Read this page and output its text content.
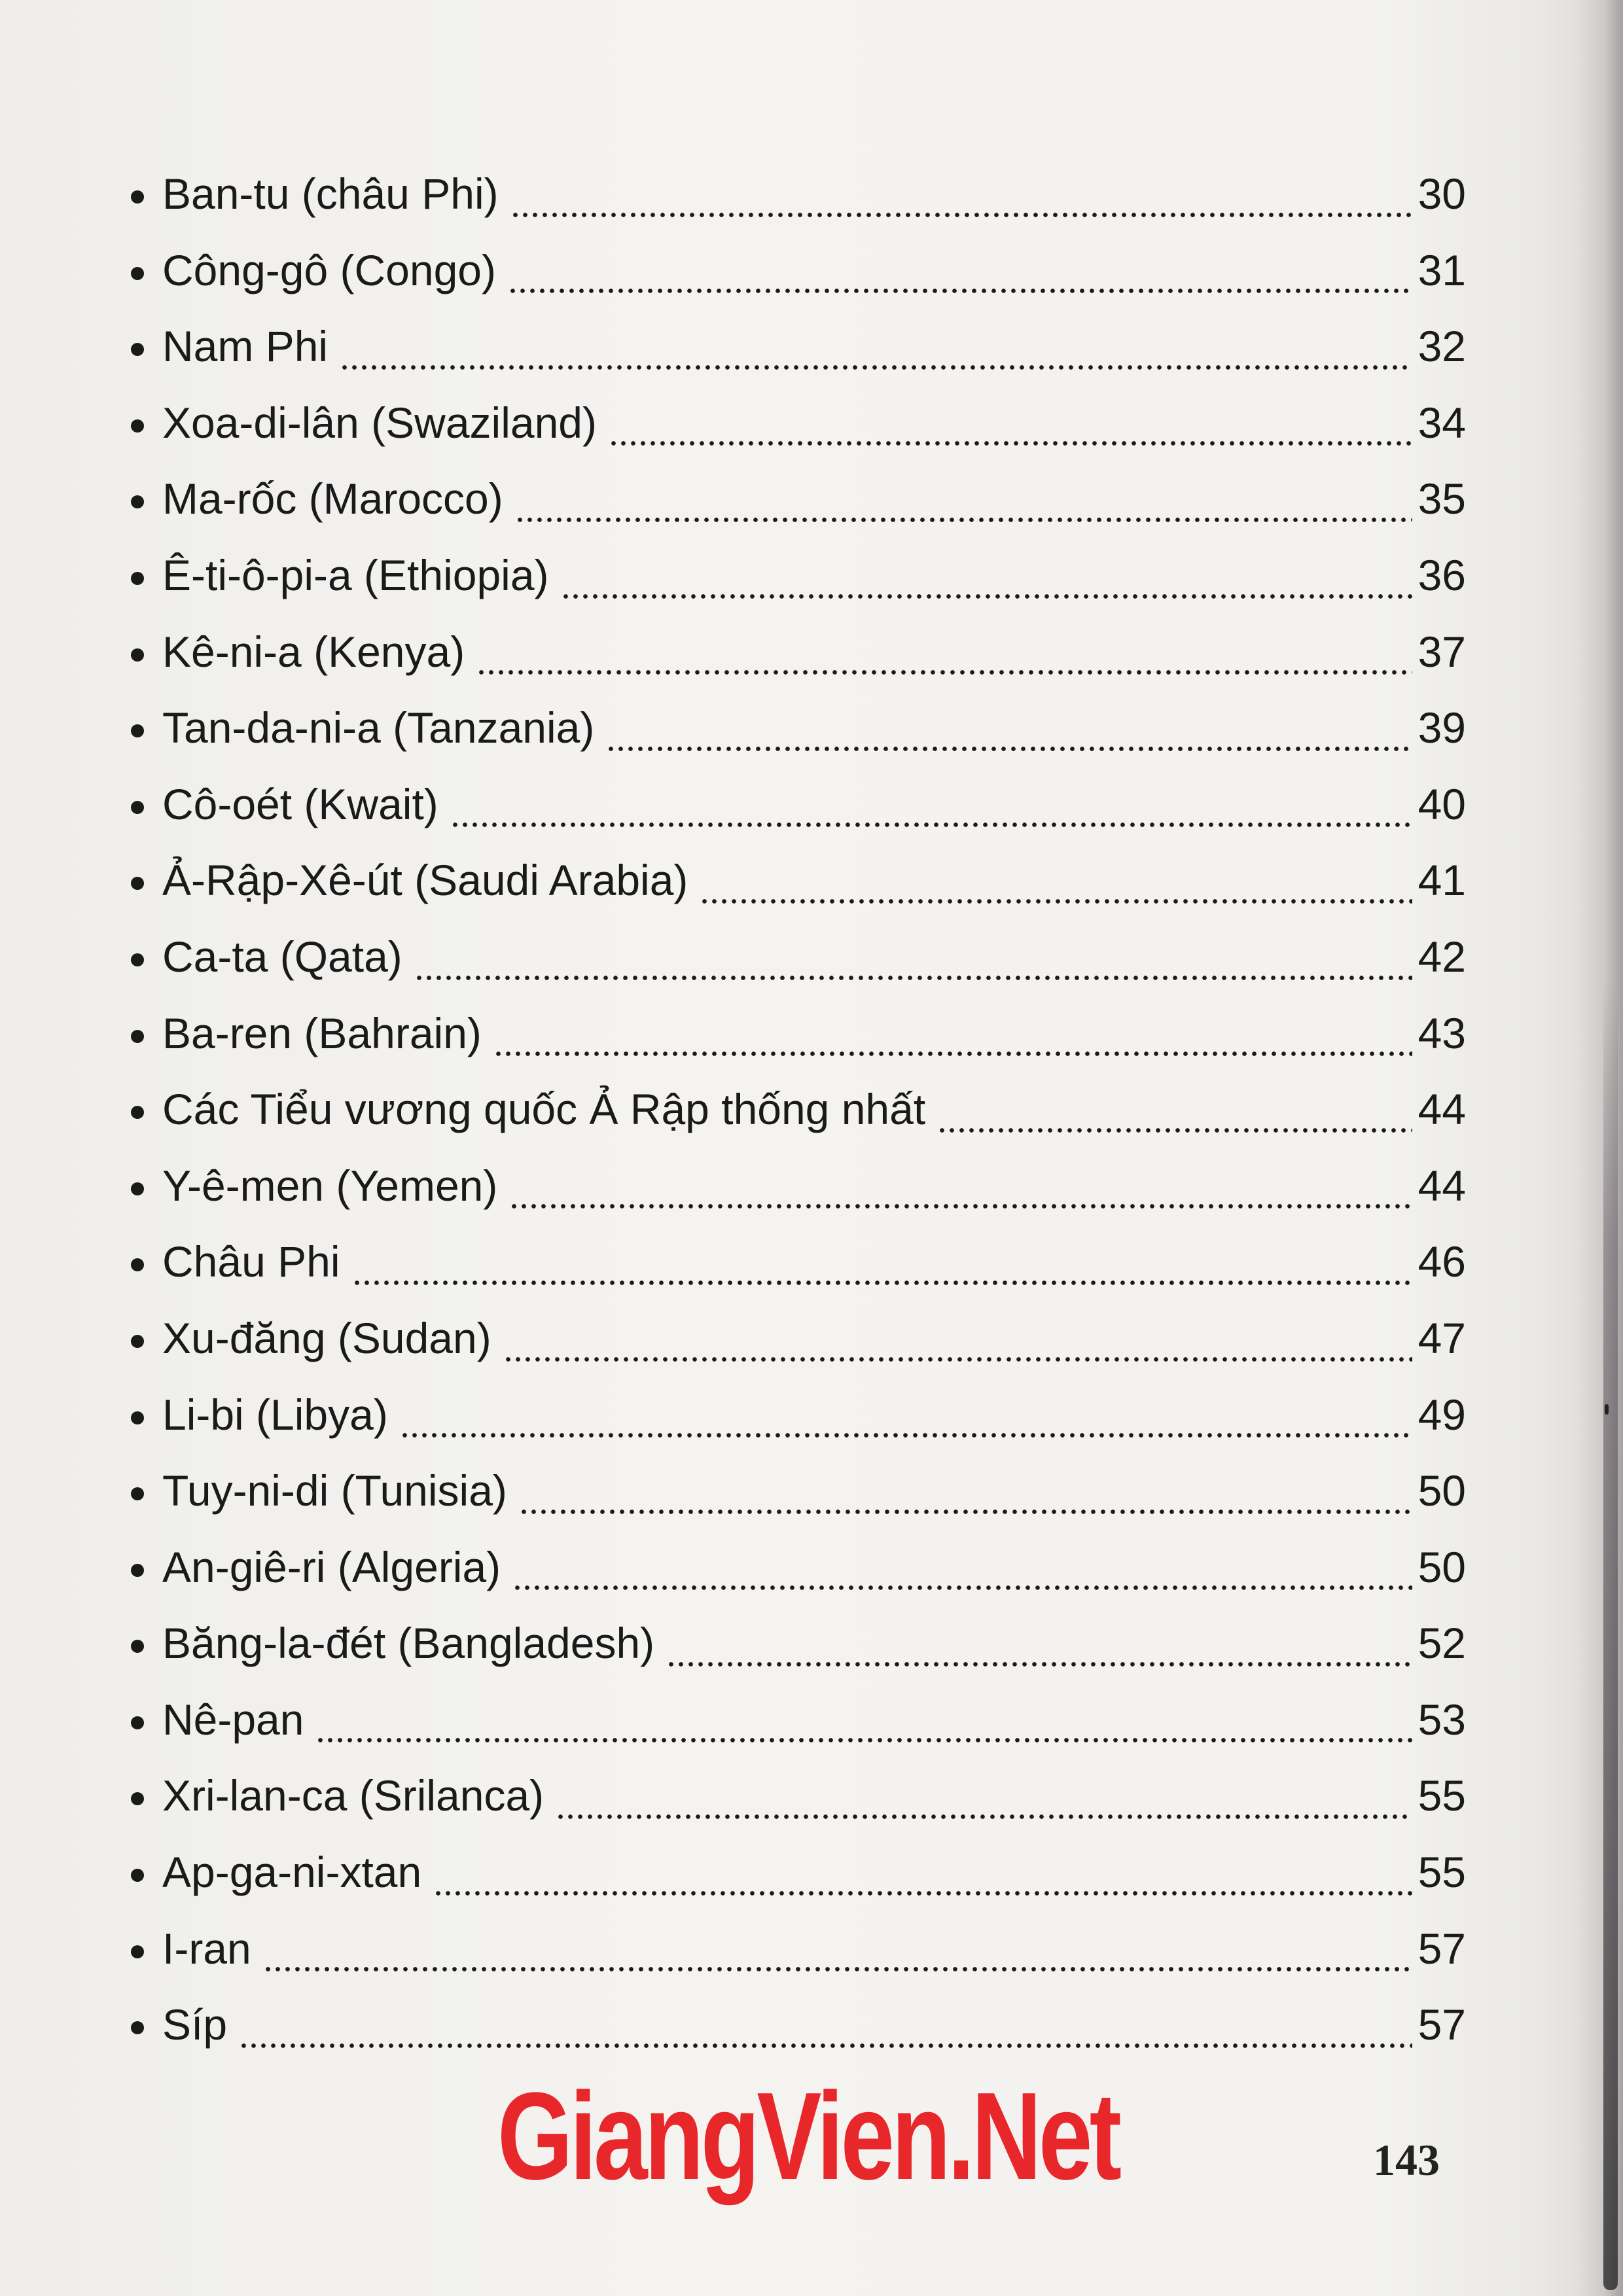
Ban-tu (châu Phi)	30
Công-gô (Congo)	31
Nam Phi	32
Xoa-di-lân (Swaziland)	34
Ma-rốc (Marocco)	35
Ê-ti-ô-pi-a (Ethiopia)	36
Kê-ni-a (Kenya)	37
Tan-da-ni-a (Tanzania)	39
Cô-oét (Kwait)	40
Ả-Rập-Xê-út (Saudi Arabia)	41
Ca-ta (Qata)	42
Ba-ren (Bahrain)	43
Các Tiểu vương quốc Ả Rập thống nhất	44
Y-ê-men (Yemen)	44
Châu Phi	46
Xu-đăng (Sudan)	47
Li-bi (Libya)	49
Tuy-ni-di (Tunisia)	50
An-giê-ri (Algeria)	50
Băng-la-đét (Bangladesh)	52
Nê-pan	53
Xri-lan-ca (Srilanca)	55
Ap-ga-ni-xtan	55
I-ran	57
Síp	57
GiangVien.Net	143
